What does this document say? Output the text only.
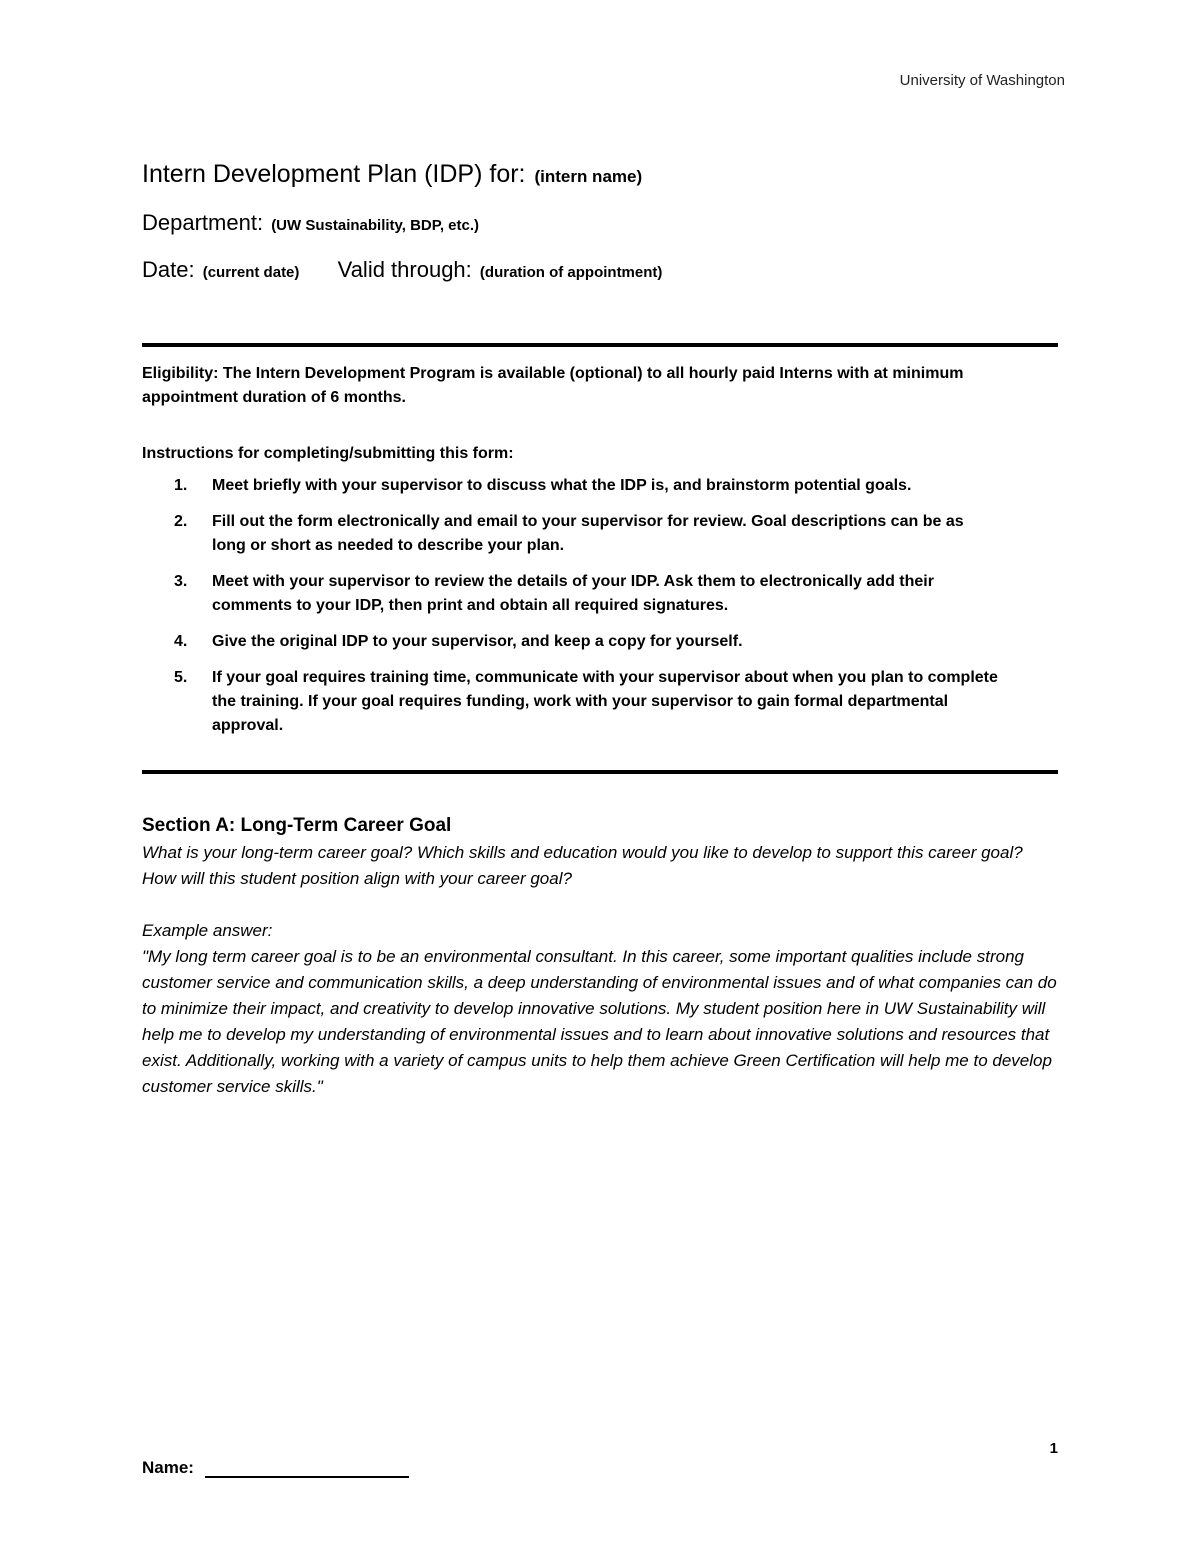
University of Washington

Intern Development Plan (IDP) for: (intern name)

Department: (UW Sustainability, BDP, etc.)

Date: (current date) Valid through: (duration of appointment)

Eligibility: The Intern Development Program is available (optional) to all hourly paid Interns with at minimum appointment duration of 6 months.

Instructions for completing/submitting this form:

1.	Meet briefly with your supervisor to discuss what the IDP is, and brainstorm potential goals.
2.	Fill out the form electronically and email to your supervisor for review. Goal descriptions can be as long or short as needed to describe your plan.
3.	Meet with your supervisor to review the details of your IDP. Ask them to electronically add their comments to your IDP, then print and obtain all required signatures.
4.	Give the original IDP to your supervisor, and keep a copy for yourself.
5.	If your goal requires training time, communicate with your supervisor about when you plan to complete the training. If your goal requires funding, work with your supervisor to gain formal departmental approval.

Section A: Long-Term Career Goal

What is your long-term career goal? Which skills and education would you like to develop to support this career goal? How will this student position align with your career goal?

Example answer:

"My long term career goal is to be an environmental consultant. In this career, some important qualities include strong customer service and communication skills, a deep understanding of environmental issues and of what companies can do to minimize their impact, and creativity to develop innovative solutions. My student position here in UW Sustainability will help me to develop my understanding of environmental issues and to learn about innovative solutions and resources that exist. Additionally, working with a variety of campus units to help them achieve Green Certification will help me to develop customer service skills."

1
Name:
